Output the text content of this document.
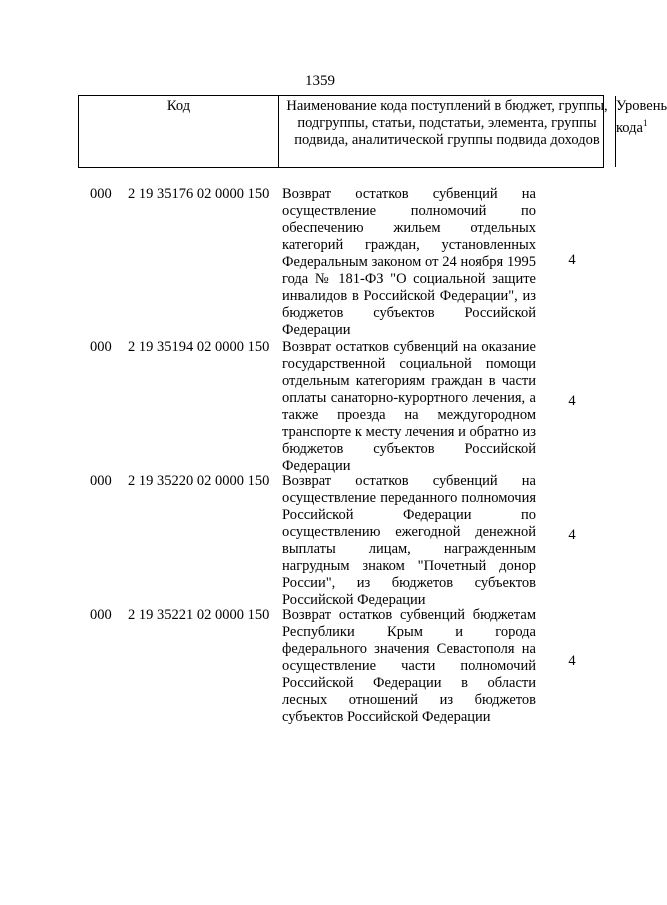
1359
Код	Наименование кода поступлений в бюджет, группы, подгруппы, статьи, подстатьи, элемента, группы подвида, аналитической группы подвида доходов
Уровень кода$^1$
000 2 19 35176 02 0000 150 Возврат остатков субвенций на осуществление полномочий по обеспечению жильем отдельных категорий граждан, установленных Федеральным законом от 24 ноября 1995 года № 181-ФЗ "О социальной защите инвалидов в Российской Федерации", из бюджетов субъектов Российской Федерации
4
000 2 19 35194 02 0000 150 Возврат остатков субвенций на оказание государственной социальной помощи отдельным категориям граждан в части оплаты санаторно-курортного лечения, а также проезда на междугородном транспорте к месту лечения и обратно из бюджетов субъектов Российской Федерации
4
000 2 19 35220 02 0000 150 Возврат остатков субвенций на осуществление переданного полномочия Российской Федерации по осуществлению ежегодной денежной выплаты лицам, награжденным нагрудным знаком "Почетный донор России", из бюджетов субъектов Российской Федерации
4
000 2 19 35221 02 0000 150 Возврат остатков субвенций бюджетам Республики Крым и города федерального значения Севастополя на осуществление части полномочий Российской Федерации в области лесных отношений из бюджетов субъектов Российской Федерации
4
